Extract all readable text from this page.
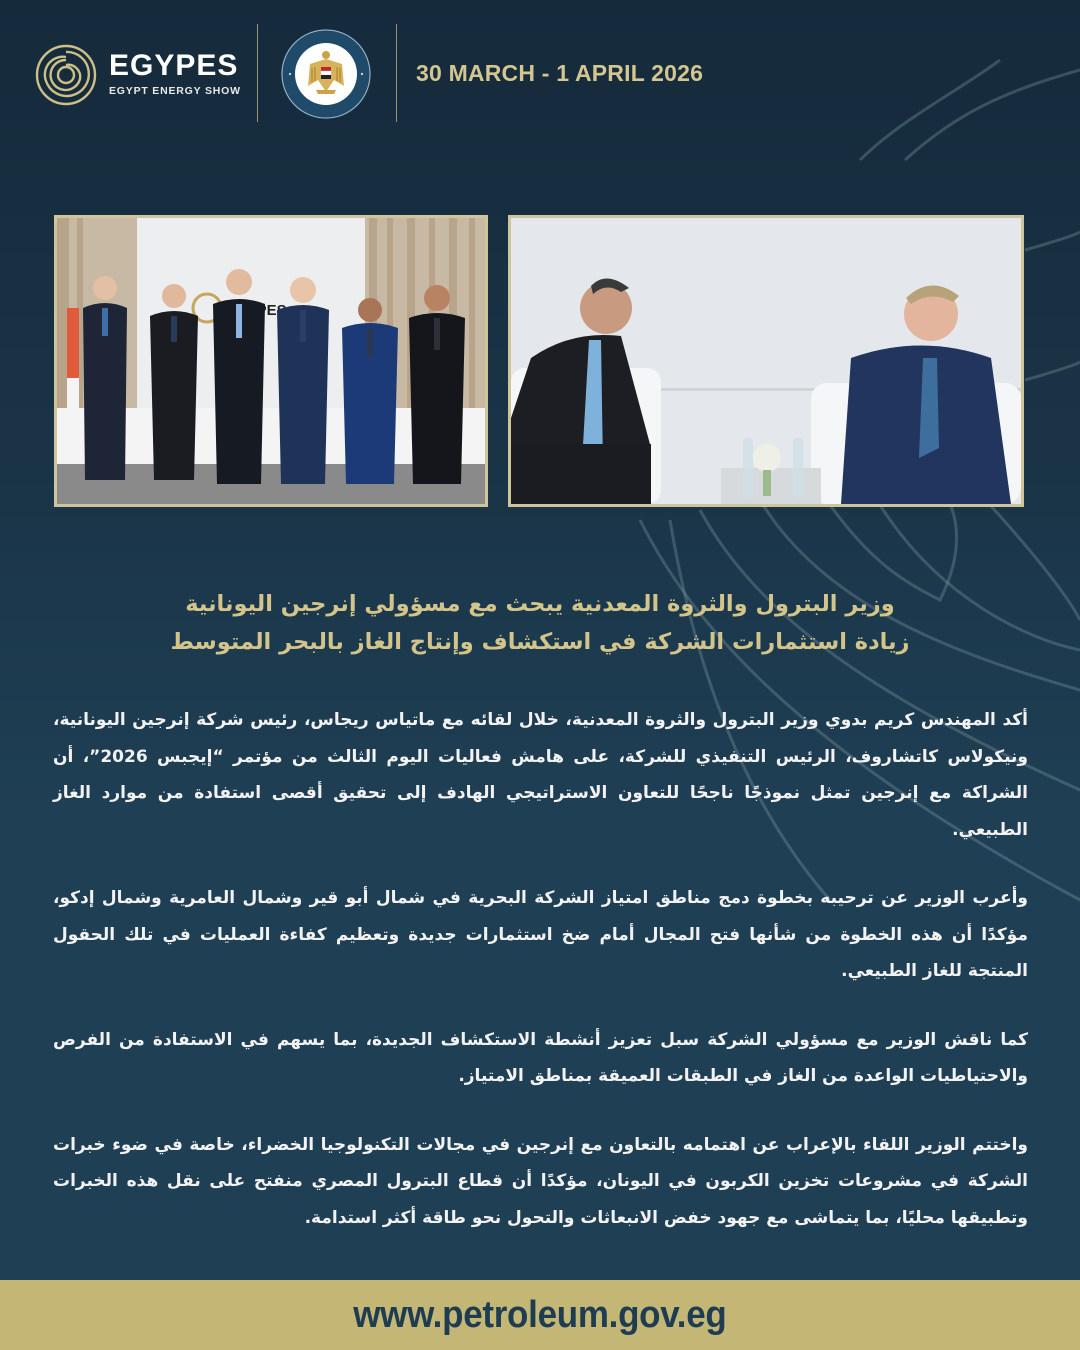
EGYPES
EGYPT ENERGY SHOW
30 MARCH - 1 APRIL 2026
وزير البترول والثروة المعدنية يبحث مع مسؤولي إنرجين اليونانية
زيادة استثمارات الشركة في استكشاف وإنتاج الغاز بالبحر المتوسط

أكد المهندس كريم بدوي وزير البترول والثروة المعدنية، خلال لقائه مع ماتياس ريجاس، رئيس شركة إنرجين اليونانية، ونيكولاس كاتشاروف، الرئيس التنفيذي للشركة، على هامش فعاليات اليوم الثالث من مؤتمر “إيجبس 2026”، أن الشراكة مع إنرجين تمثل نموذجًا ناجحًا للتعاون الاستراتيجي الهادف إلى تحقيق أقصى استفادة من موارد الغاز الطبيعي.

وأعرب الوزير عن ترحيبه بخطوة دمج مناطق امتياز الشركة البحرية في شمال أبو قير وشمال العامرية وشمال إدكو، مؤكدًا أن هذه الخطوة من شأنها فتح المجال أمام ضخ استثمارات جديدة وتعظيم كفاءة العمليات في تلك الحقول المنتجة للغاز الطبيعي.

كما ناقش الوزير مع مسؤولي الشركة سبل تعزيز أنشطة الاستكشاف الجديدة، بما يسهم في الاستفادة من الفرص والاحتياطيات الواعدة من الغاز في الطبقات العميقة بمناطق الامتياز.

واختتم الوزير اللقاء بالإعراب عن اهتمامه بالتعاون مع إنرجين في مجالات التكنولوجيا الخضراء، خاصة في ضوء خبرات الشركة في مشروعات تخزين الكربون في اليونان، مؤكدًا أن قطاع البترول المصري منفتح على نقل هذه الخبرات وتطبيقها محليًا، بما يتماشى مع جهود خفض الانبعاثات والتحول نحو طاقة أكثر استدامة.

www.petroleum.gov.eg
